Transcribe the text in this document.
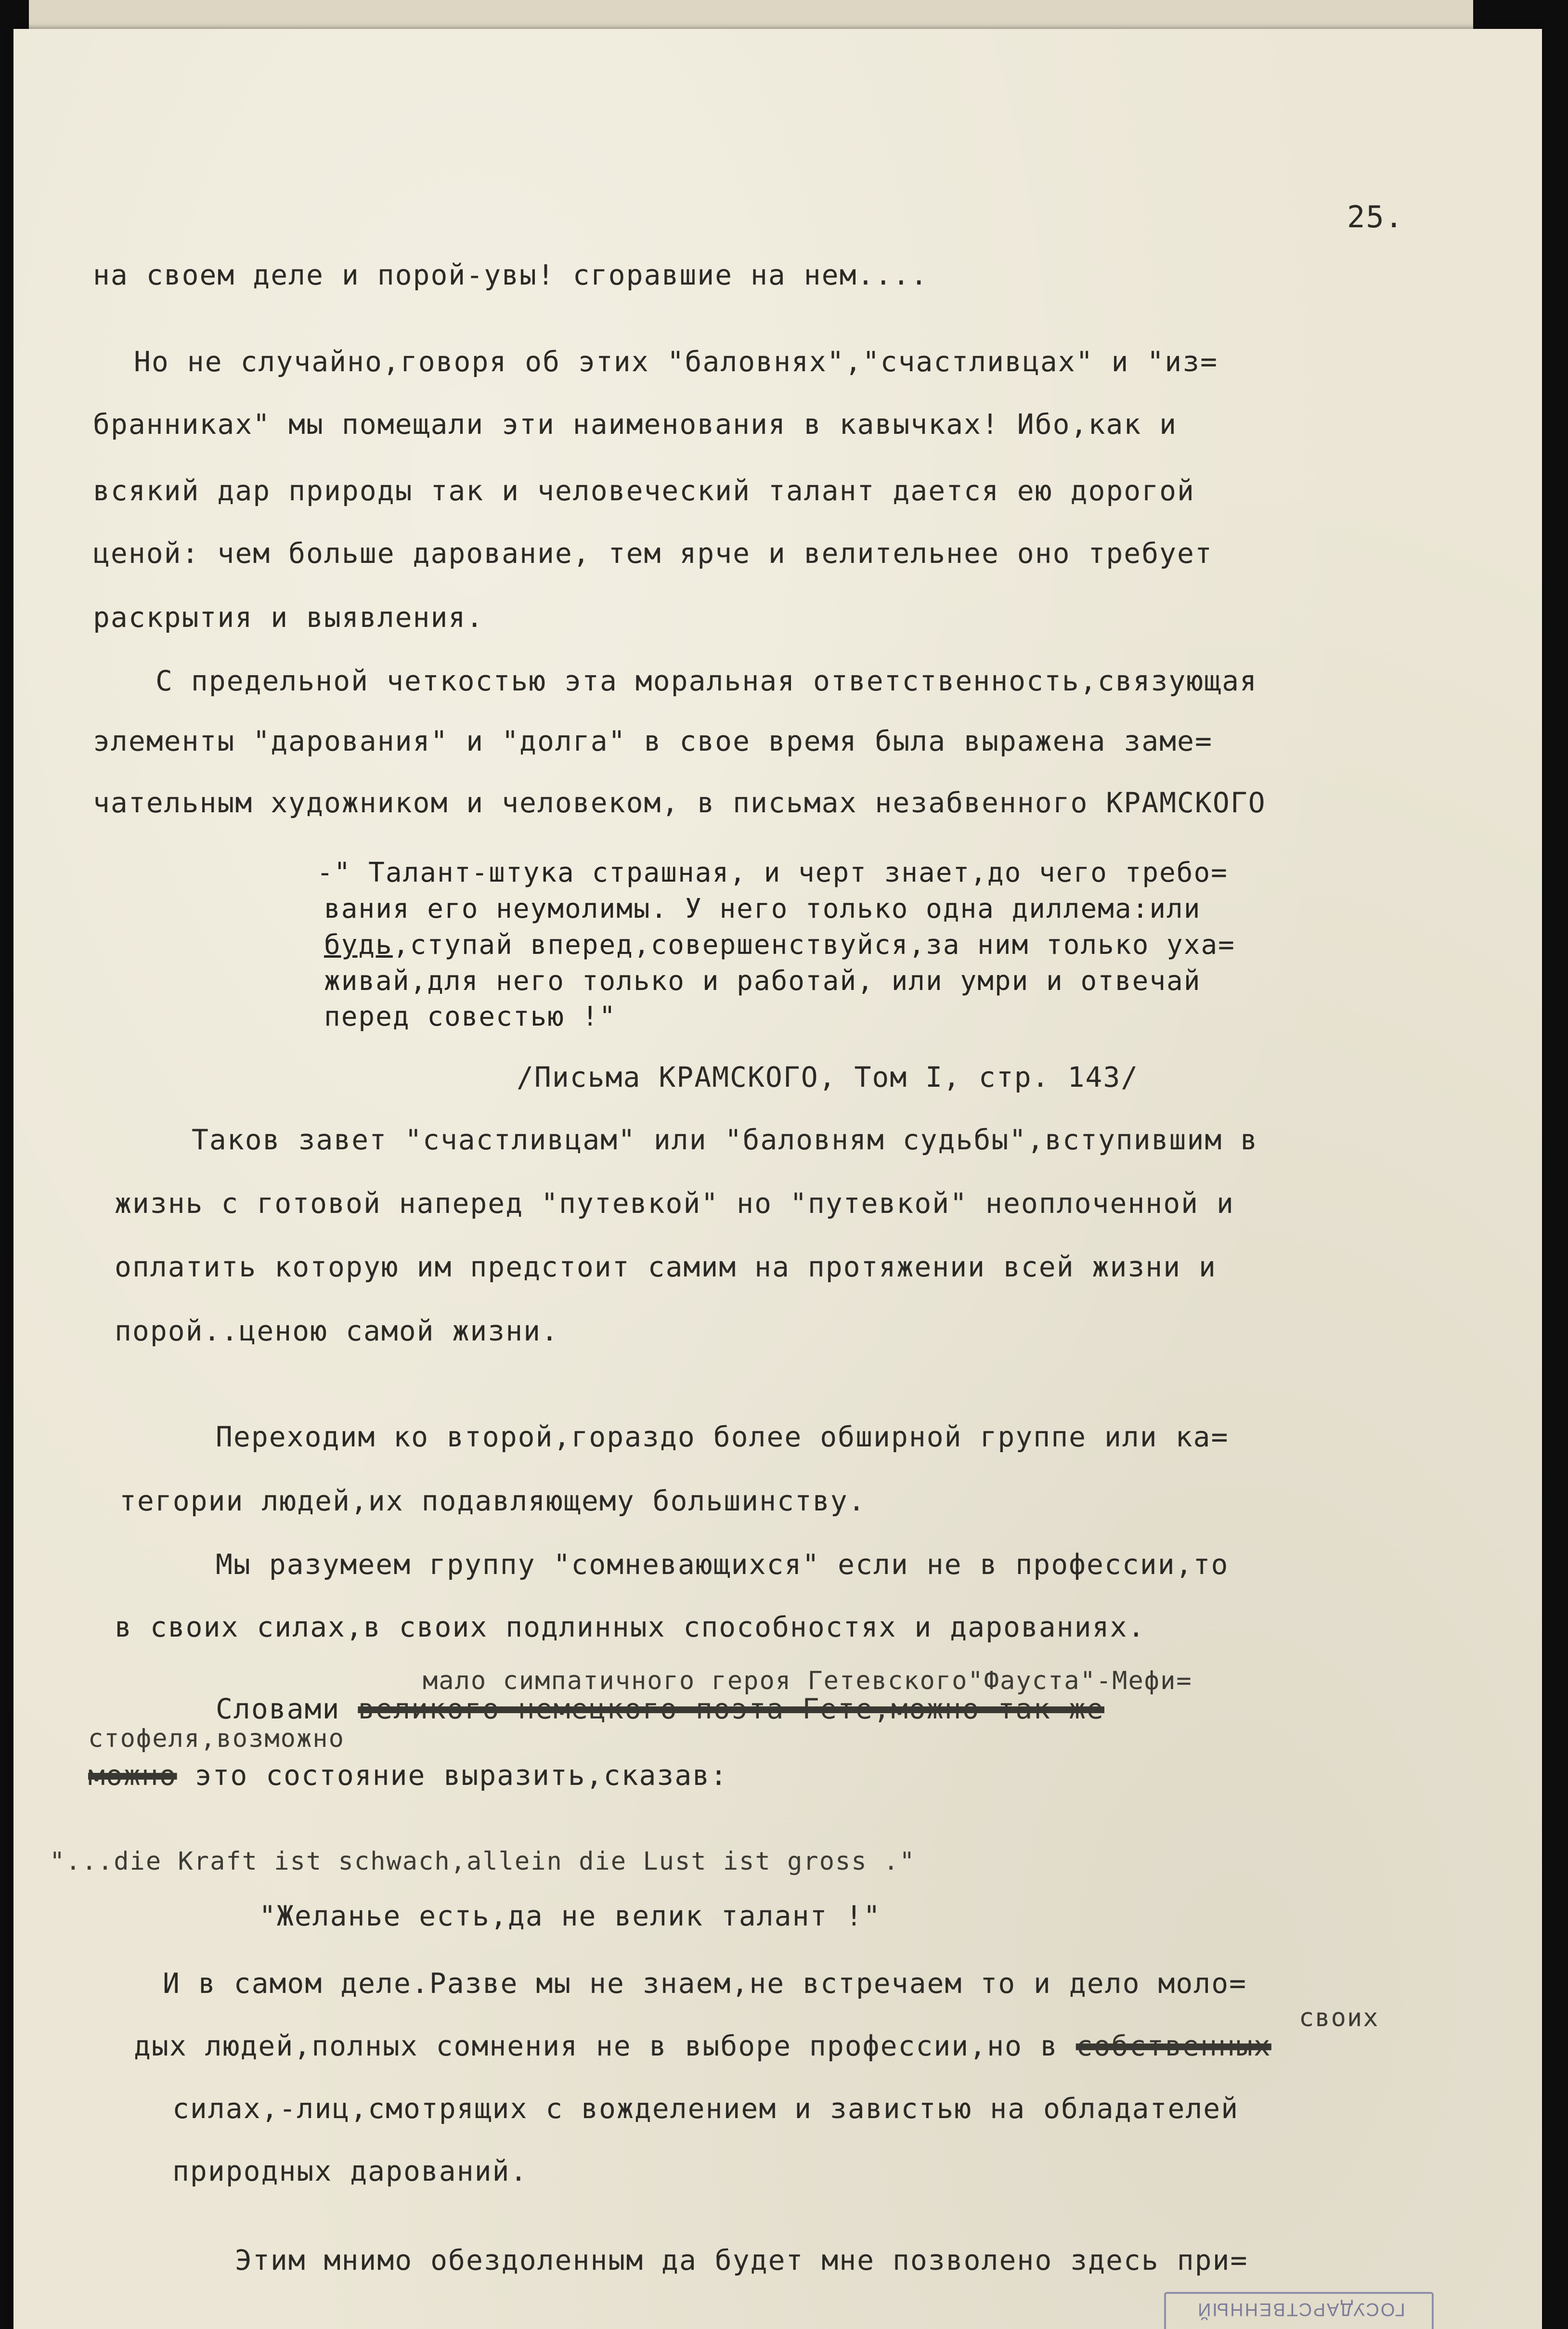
25.
на своем деле и порой-увы! сгоравшие на нем....
Но не случайно,говоря об этих "баловнях","счастливцах" и "из=
бранниках" мы помещали эти наименования в кавычках! Ибо,как и
всякий дар природы так и человеческий талант дается ею дорогой
ценой: чем больше дарование, тем ярче и велительнее оно требует
раскрытия и выявления.
С предельной четкостью эта моральная ответственность,связующая
элементы "дарования" и "долга" в свое время была выражена заме=
чательным художником и человеком, в письмах незабвенного КРАМСКОГО
-" Талант-штука страшная, и черт знает,до чего требо=
вания его неумолимы. У него только одна диллема:или
будь,ступай вперед,совершенствуйся,за ним только уха=
живай,для него только и работай, или умри и отвечай
перед совестью !"
/Письма КРАМСКОГО, Том I, стр. 143/
Таков завет "счастливцам" или "баловням судьбы",вступившим в
жизнь с готовой наперед "путевкой" но "путевкой" неоплоченной и
оплатить которую им предстоит самим на протяжении всей жизни и
порой..ценою самой жизни.
Переходим ко второй,гораздо более обширной группе или ка=
тегории людей,их подавляющему большинству.
Мы разумеем группу "сомневающихся" если не в профессии,то
в своих силах,в своих подлинных способностях и дарованиях.
мало симпатичного героя Гетевского"Фауста"-Мефи=
Словами великого немецкого поэта Гете,можно так же
стофеля,возможно
можно это состояние выразить,сказав:
"...die Kraft ist schwach,allein die Lust ist gross ."
"Желанье есть,да не велик талант !"
И в самом деле.Разве мы не знаем,не встречаем то и дело моло=
своих
дых людей,полных сомнения не в выборе профессии,но в собственных
силах,-лиц,смотрящих с вожделением и завистью на обладателей
природных дарований.
Этим мнимо обездоленным да будет мне позволено здесь при=
ГОСУДАРСТВЕННЫЙ
